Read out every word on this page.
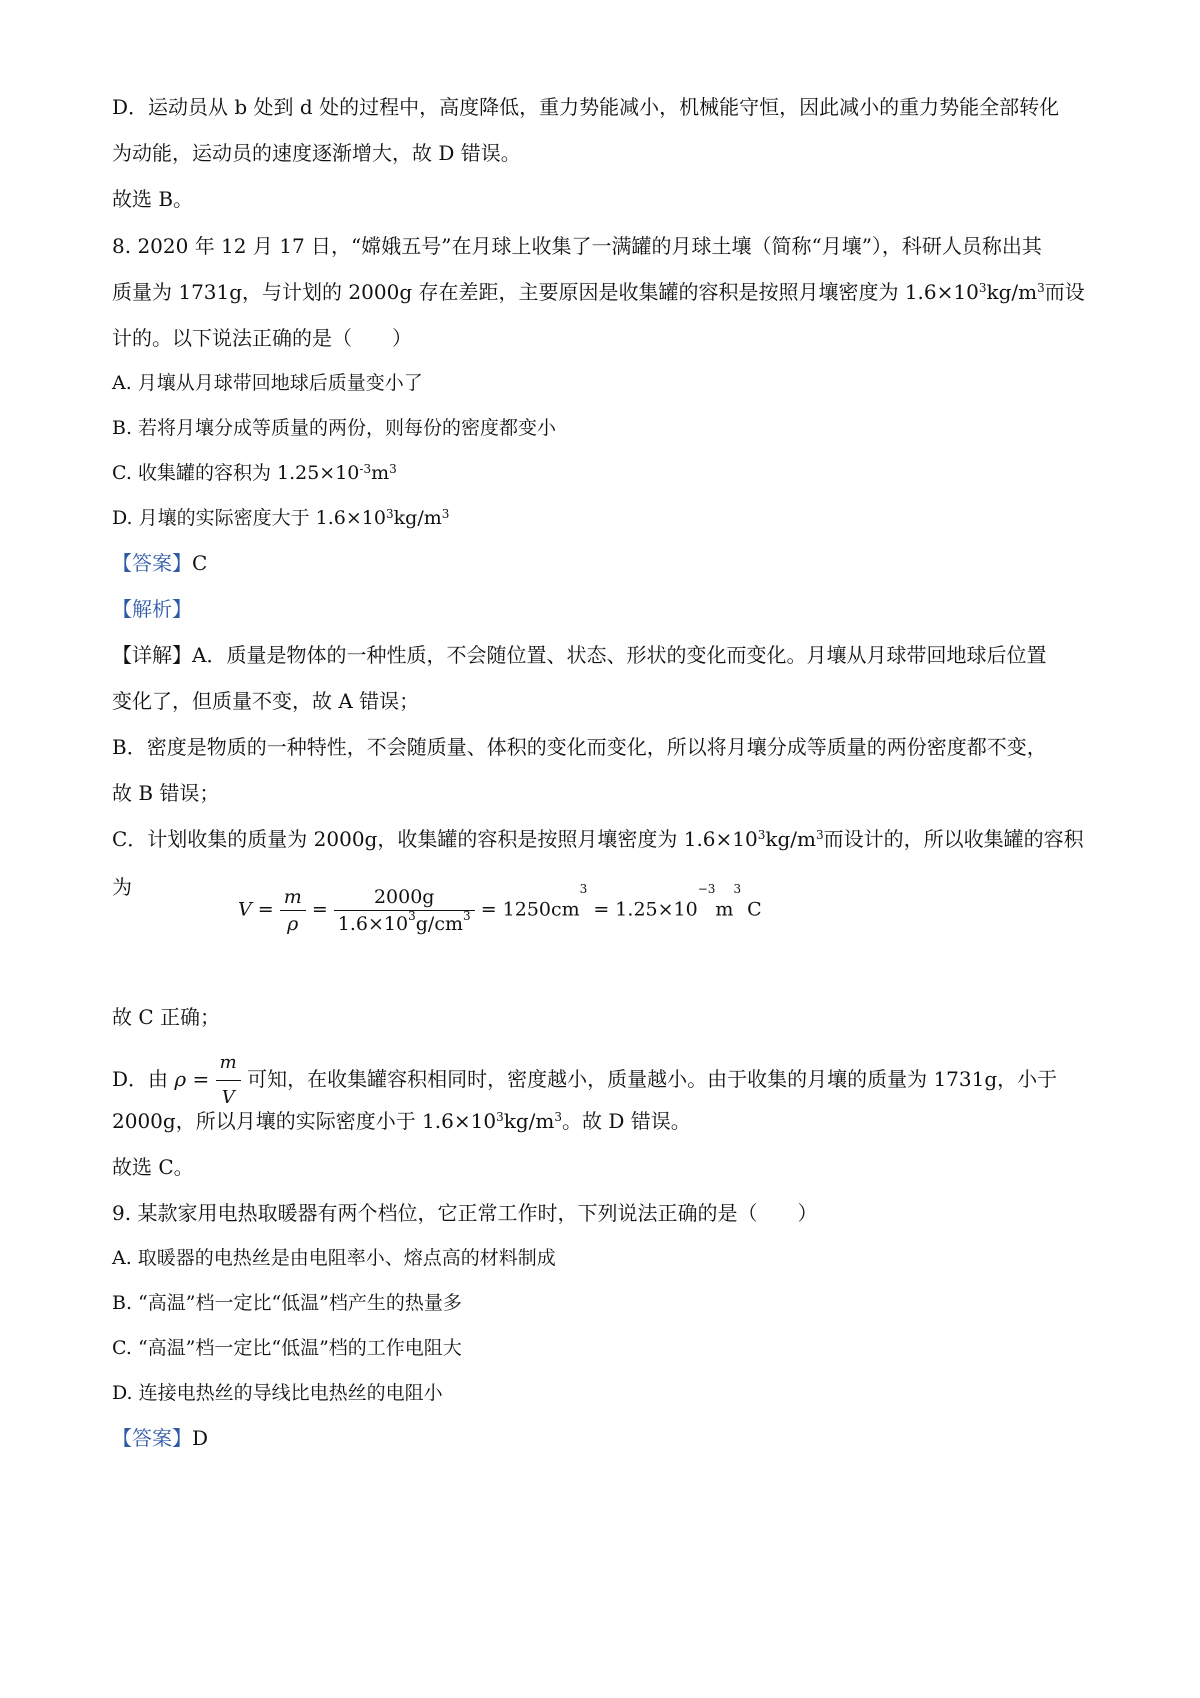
D．运动员从 b 处到 d 处的过程中，高度降低，重力势能减小，机械能守恒，因此减小的重力势能全部转化
为动能，运动员的速度逐渐增大，故 D 错误。
故选 B。
8. 2020 年 12 月 17 日，“嫦娥五号”在月球上收集了一满罐的月球土壤（简称“月壤”），科研人员称出其
质量为 1731g，与计划的 2000g 存在差距，主要原因是收集罐的容积是按照月壤密度为 $1.6\times 10^3kg/m^3$而设
计的。以下说法正确的是（　　）
A. 月壤从月球带回地球后质量变小了
B. 若将月壤分成等质量的两份，则每份的密度都变小
C. 收集罐的容积为 $1.25\times 10^{-3}m^3$
D. 月壤的实际密度大于 $1.6\times 10^3kg/m^3$
【答案】C
【解析】
【详解】A．质量是物体的一种性质，不会随位置、状态、形状的变化而变化。月壤从月球带回地球后位置
变化了，但质量不变，故 A 错误；
B．密度是物质的一种特性，不会随质量、体积的变化而变化，所以将月壤分成等质量的两份密度都不变，
故 B 错误；
C．计划收集的质量为 2000g，收集罐的容积是按照月壤密度为 $1.6\times 10^3kg/m^3$而设计的，所以收集罐的容积
为
故 C 正确；
D．由 $\rho = \frac{m}{V}$ 可知，在收集罐容积相同时，密度越小，质量越小。由于收集的月壤的质量为 1731g，小于
2000g，所以月壤的实际密度小于 $1.6\times 10^3kg/m^3$。故 D 错误。
故选 C。
9. 某款家用电热取暖器有两个档位，它正常工作时，下列说法正确的是（　　）
A. 取暖器的电热丝是由电阻率小、熔点高的材料制成
B. “高温”档一定比“低温”档产生的热量多
C. “高温”档一定比“低温”档的工作电阻大
D. 连接电热丝的导线比电热丝的电阻小
【答案】D
$V = \frac{m}{\rho} = \frac{2000g}{1.6\times 10^3g/cm^3} = 1250cm^3 = 1.25\times 10^{-3}m^3$ C
